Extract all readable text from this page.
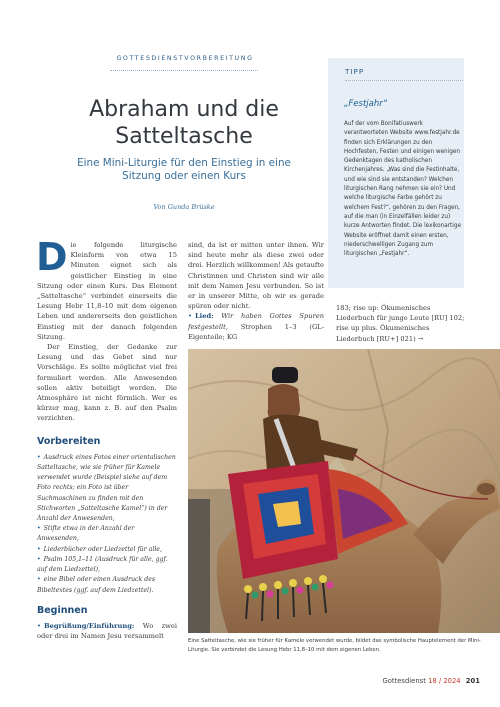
GOTTESDIENSTVORBEREITUNG
Abraham und die Satteltasche

Eine Mini-Liturgie für den Einstieg in eine Sitzung oder einen Kurs

Von Gunda Brüske

Die folgende liturgische Kleinform von etwa 15 Minuten eignet sich als geistlicher Einstieg in eine Sitzung oder einen Kurs. Das Element „Satteltasche“ verbindet einerseits die Lesung Hebr 11,8–10 mit dem eigenen Leben und andererseits den geistlichen Einstieg mit der danach folgenden Sitzung.

Der Einstieg, der Gedanke zur Lesung und das Gebet sind nur Vorschläge. Es sollte möglichst viel frei formuliert werden. Alle Anwesenden sollen aktiv beteiligt werden. Die Atmosphäre ist nicht förmlich. Wer es kürzer mag, kann z. B. auf den Psalm verzichten.

Vorbereiten
• Ausdruck eines Fotos einer orientalischen Satteltasche, wie sie früher für Kamele verwendet wurde (Beispiel siehe auf dem Foto rechts; ein Foto ist über Suchmaschinen zu finden mit den Stichworten „Satteltasche Kamel“) in der Anzahl der Anwesenden,
• Stifte etwa in der Anzahl der Anwesenden,
• Liederbücher oder Liedzettel für alle,
• Psalm 105,1–11 (Ausdruck für alle, ggf. auf dem Liedzettel),
• eine Bibel oder einen Ausdruck des Bibeltextes (ggf. auf dem Liedzettel).
Beginnen

• Begrüßung/Einführung: Wo zwei oder drei im Namen Jesu versammelt

sind, da ist er mitten unter ihnen. Wir sind heute mehr als diese zwei oder drei. Herzlich willkommen! Als getaufte Christinnen und Christen sind wir alle mit dem Namen Jesu verbunden. So ist er in unserer Mitte, ob wir es gerade spüren oder nicht.

• Lied: Wir haben Gottes Spuren festgestellt, Strophen 1–3 (GL-Eigenteile; KG

183; rise up: Ökumenisches Liederbuch für junge Leute [RU] 102; rise up plus. Ökumenisches Liederbuch [RU+] 021) →

TIPP
„Festjahr“
Auf der vom Bonifatiuswerk verantworteten Website www.festjahr.de finden sich Erklärungen zu den Hochfesten, Festen und einigen wenigen Gedenktagen des katholischen Kirchenjahres. „Was sind die Festinhalte, und wie sind sie entstanden? Welchen liturgischen Rang nehmen sie ein? Und welche liturgische Farbe gehört zu welchem Fest?“, gehören zu den Fragen, auf die man (in Einzelfällen leider zu) kurze Antworten findet. Die lexikonartige Website eröffnet damit einen ersten, niederschwelligen Zugang zum liturgischen „Festjahr“.
Eine Satteltasche, wie sie früher für Kamele verwendet wurde, bildet das symbolische Hauptelement der Mini-Liturgie. Sie verbindet die Lesung Hebr 11,8–10 mit dem eigenen Leben.
Gottesdienst 18 / 2024 201
